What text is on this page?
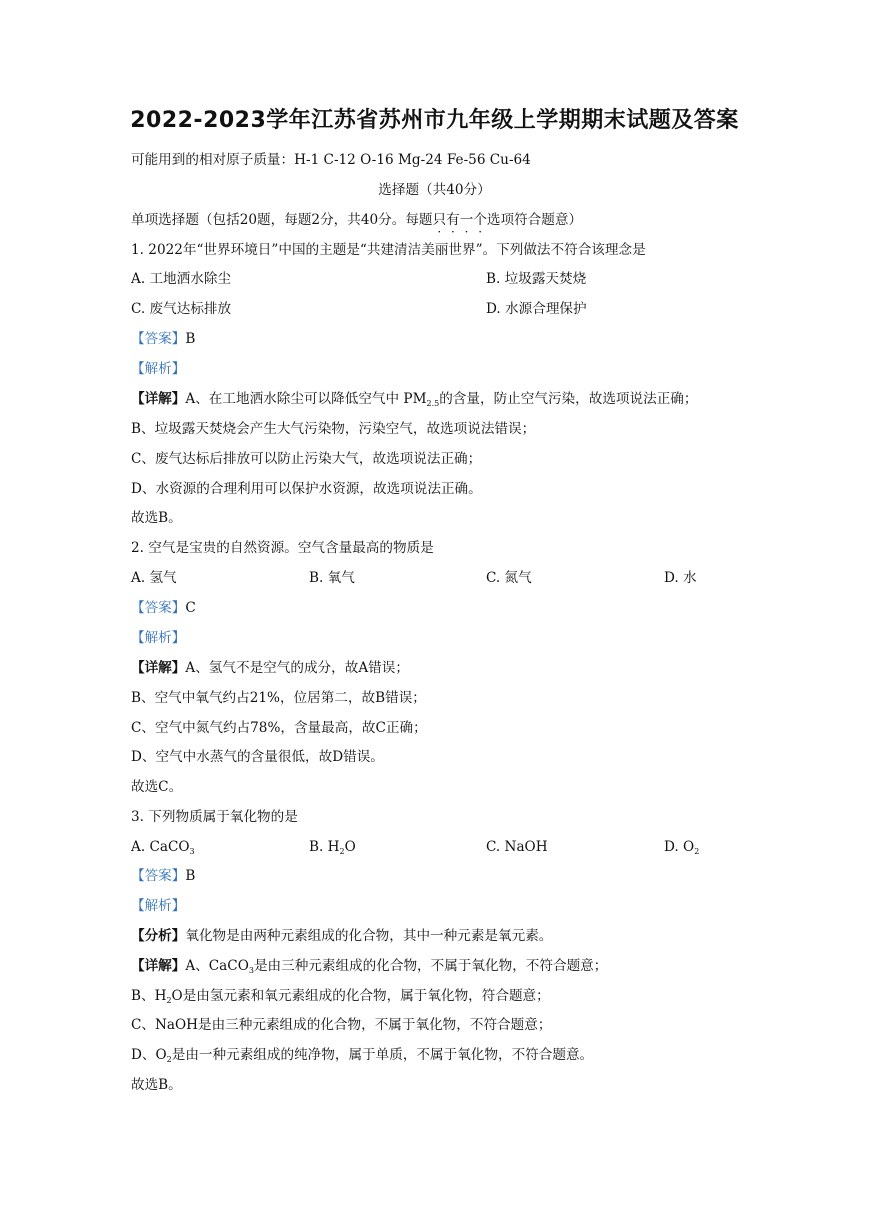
2022-2023学年江苏省苏州市九年级上学期期末试题及答案
可能用到的相对原子质量：H-1 C-12 O-16 Mg-24 Fe-56 Cu-64
选择题（共40分）
单项选择题（包括20题，每题2分，共40分。每题只有一个选项符合题意）
1. 2022年“世界环境日”中国的主题是“共建清洁美丽世界”。下列做法不符合该理念是
A. 工地洒水除尘	B. 垃圾露天焚烧
C. 废气达标排放	D. 水源合理保护
【答案】B
【解析】
【详解】A、在工地洒水除尘可以降低空气中 $PM_{2.5}$的含量，防止空气污染，故选项说法正确；
B、垃圾露天焚烧会产生大气污染物，污染空气，故选项说法错误；
C、废气达标后排放可以防止污染大气，故选项说法正确；
D、水资源的合理利用可以保护水资源，故选项说法正确。
故选B。
2. 空气是宝贵的自然资源。空气含量最高的物质是
A. 氢气	B. 氧气	C. 氮气	D. 水
【答案】C
【解析】
【详解】A、氢气不是空气的成分，故A错误；
B、空气中氧气约占21%，位居第二，故B错误；
C、空气中氮气约占78%，含量最高，故C正确；
D、空气中水蒸气的含量很低，故D错误。
故选C。
3. 下列物质属于氧化物的是
A. CaCO$_3$	B. $H_2O$	C. NaOH	D. $O_2$
【答案】B
【解析】
【分析】氧化物是由两种元素组成的化合物，其中一种元素是氧元素。
【详解】A、CaCO$_3$是由三种元素组成的化合物，不属于氧化物，不符合题意；
B、$H_2O$是由氢元素和氧元素组成的化合物，属于氧化物，符合题意；
C、NaOH是由三种元素组成的化合物，不属于氧化物，不符合题意；
D、$O_2$是由一种元素组成的纯净物，属于单质，不属于氧化物，不符合题意。
故选B。
